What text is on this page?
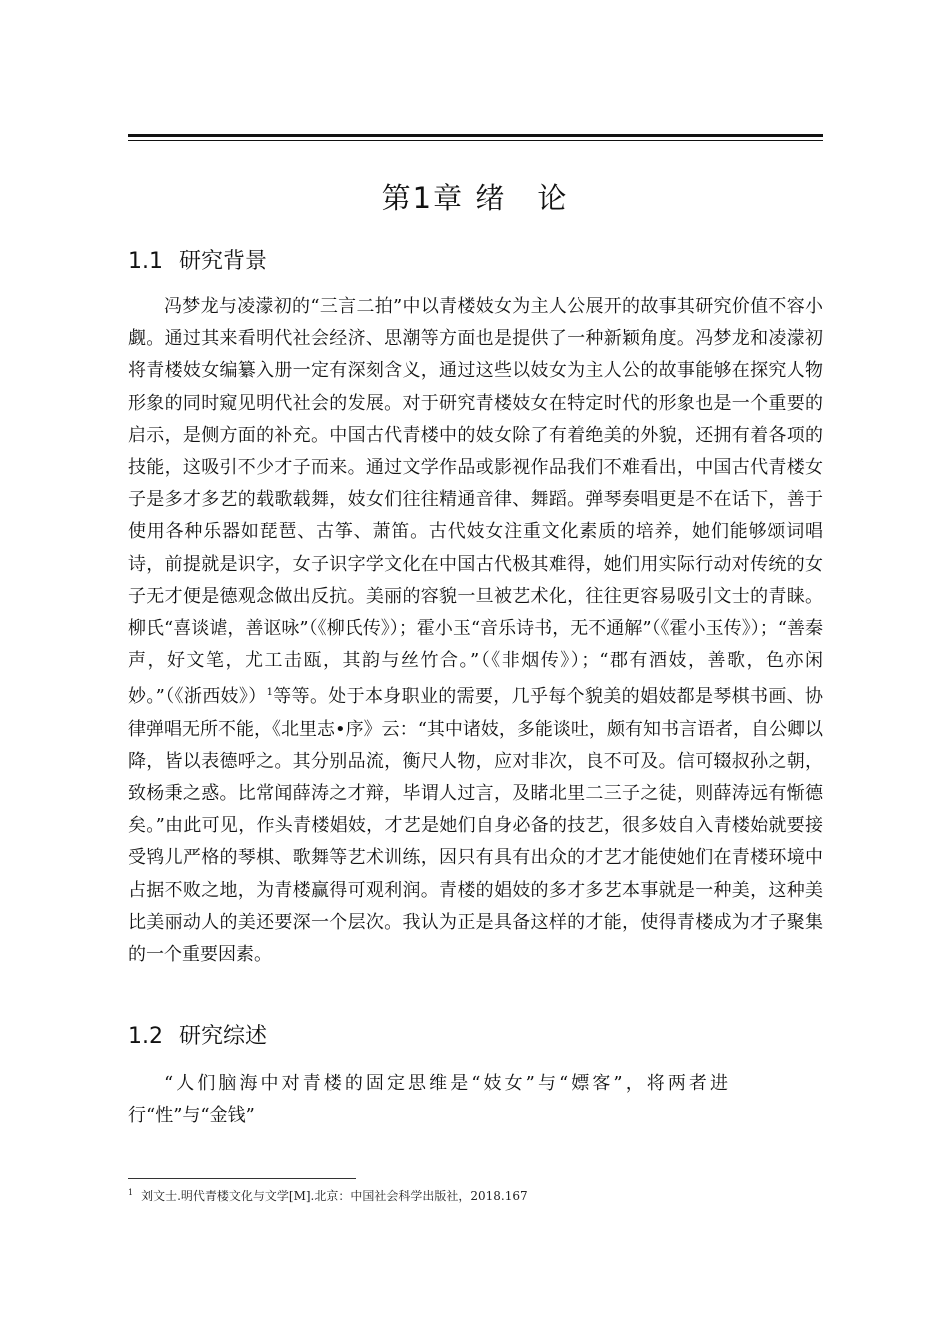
第1章 绪　论
1.1 研究背景

冯梦龙与凌濛初的“三言二拍”中以青楼妓女为主人公展开的故事其研究价值不容小觑。通过其来看明代社会经济、思潮等方面也是提供了一种新颖角度。冯梦龙和凌濛初将青楼妓女编纂入册一定有深刻含义，通过这些以妓女为主人公的故事能够在探究人物形象的同时窥见明代社会的发展。对于研究青楼妓女在特定时代的形象也是一个重要的启示，是侧方面的补充。中国古代青楼中的妓女除了有着绝美的外貌，还拥有着各项的技能，这吸引不少才子而来。通过文学作品或影视作品我们不难看出，中国古代青楼女子是多才多艺的载歌载舞，妓女们往往精通音律、舞蹈。弹琴奏唱更是不在话下，善于使用各种乐器如琵琶、古筝、萧笛。古代妓女注重文化素质的培养，她们能够颂词唱诗，前提就是识字，女子识字学文化在中国古代极其难得，她们用实际行动对传统的女子无才便是德观念做出反抗。美丽的容貌一旦被艺术化，往往更容易吸引文士的青睐。柳氏“喜谈谑，善讴咏”（《柳氏传》）；霍小玉“音乐诗书，无不通解”（《霍小玉传》）；“善秦声，好文笔，尤工击瓯，其韵与丝竹合。”（《非烟传》）；“郡有酒妓，善歌，色亦闲妙。”（《浙西妓》）$^1$等等。处于本身职业的需要，几乎每个貌美的娼妓都是琴棋书画、协律弹唱无所不能，《北里志•序》云：“其中诸妓，多能谈吐，颇有知书言语者，自公卿以降，皆以表德呼之。其分别品流，衡尺人物，应对非次，良不可及。信可辍叔孙之朝，致杨秉之惑。比常闻薛涛之才辩，毕谓人过言，及睹北里二三子之徒，则薛涛远有惭德矣。”由此可见，作头青楼娼妓，才艺是她们自身必备的技艺，很多妓自入青楼始就要接受鸨儿严格的琴棋、歌舞等艺术训练，因只有具有出众的才艺才能使她们在青楼环境中占据不败之地，为青楼赢得可观利润。青楼的娼妓的多才多艺本事就是一种美，这种美比美丽动人的美还要深一个层次。我认为正是具备这样的才能，使得青楼成为才子聚集的一个重要因素。

1.2 研究综述

“人们脑海中对青楼的固定思维是“妓女”与“嫖客”，将两者进行“性”与“金钱”

$^1$ 刘文士.明代青楼文化与文学[M].北京：中国社会科学出版社，2018.167
